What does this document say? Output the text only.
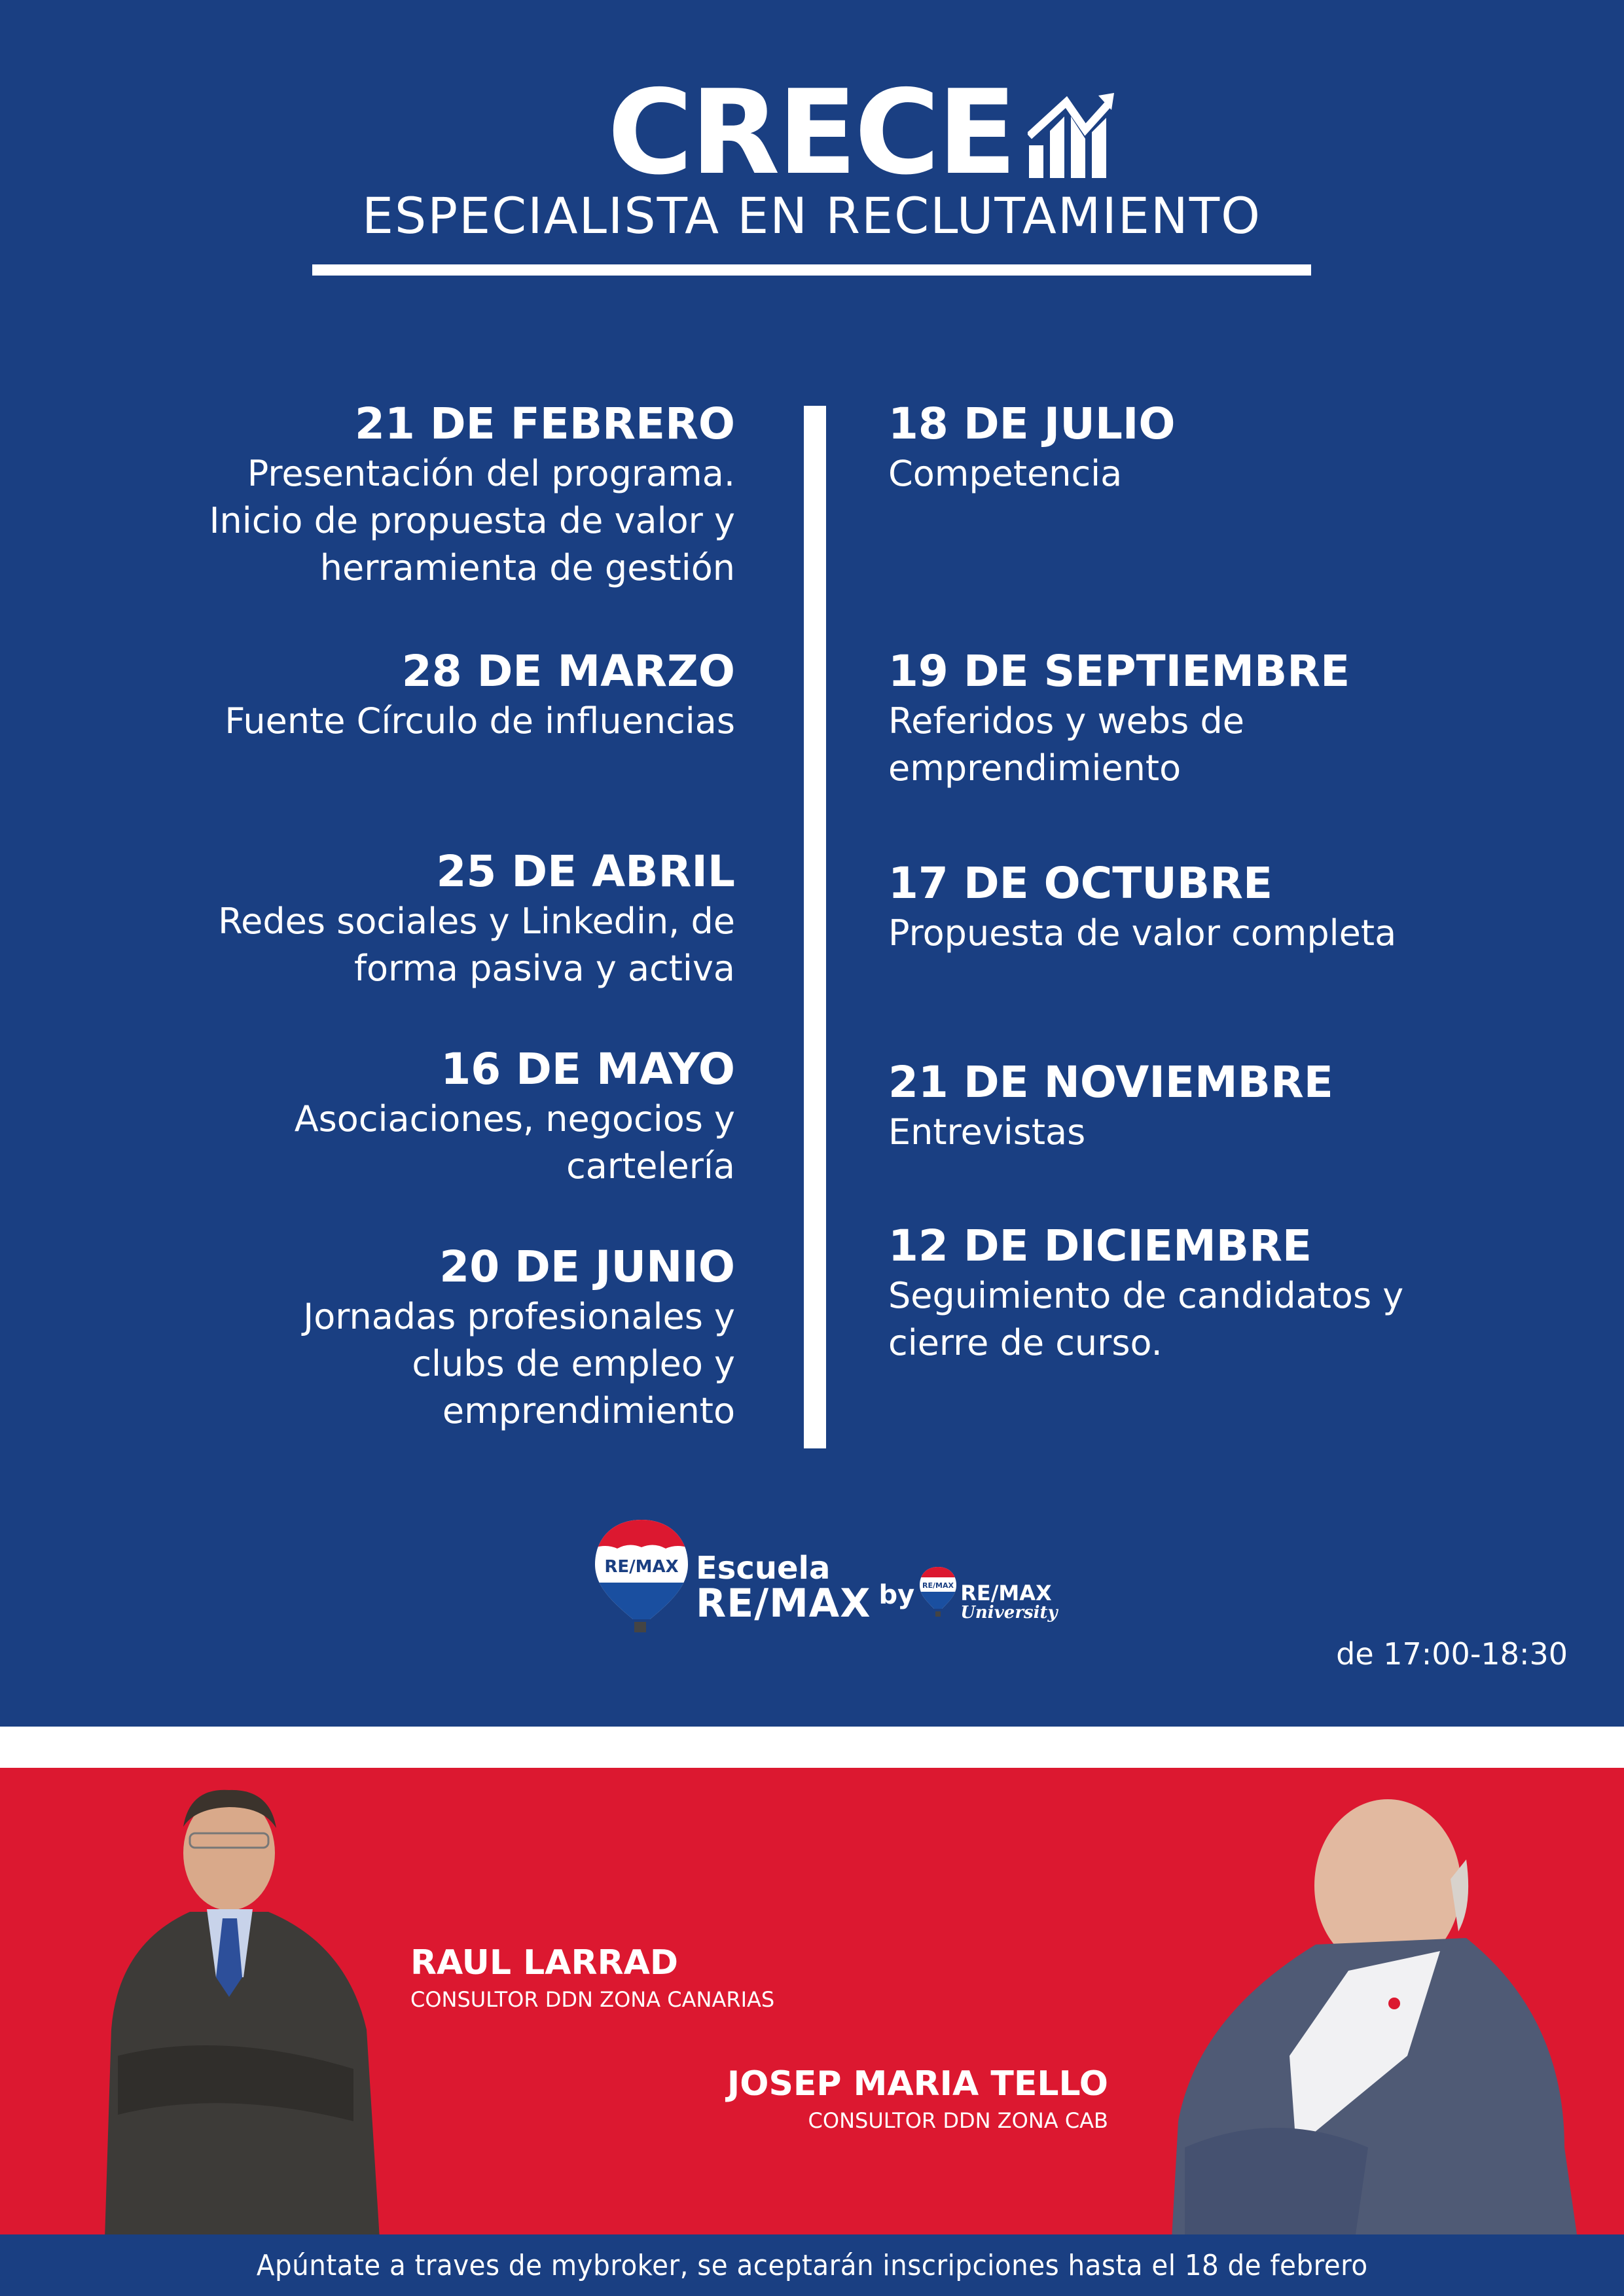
CRECE
ESPECIALISTA EN RECLUTAMIENTO
21 DE FEBRERO
Presentación del programa.
Inicio de propuesta de valor y
herramienta de gestión
28 DE MARZO
Fuente Círculo de influencias
25 DE ABRIL
Redes sociales y Linkedin, de
forma pasiva y activa
16 DE MAYO
Asociaciones, negocios y
cartelería
20 DE JUNIO
Jornadas profesionales y
clubs de empleo y
emprendimiento
18 DE JULIO
Competencia
19 DE SEPTIEMBRE
Referidos y webs de
emprendimiento
17 DE OCTUBRE
Propuesta de valor completa
21 DE NOVIEMBRE
Entrevistas
12 DE DICIEMBRE
Seguimiento de candidatos y
cierre de curso.
RE/MAX Escuela
RE/MAX by RE/MAX RE/MAX
University
de 17:00-18:30
RAUL LARRAD
CONSULTOR DDN ZONA CANARIAS
JOSEP MARIA TELLO
CONSULTOR DDN ZONA CAB
Apúntate a traves de mybroker, se aceptarán inscripciones hasta el 18 de febrero
